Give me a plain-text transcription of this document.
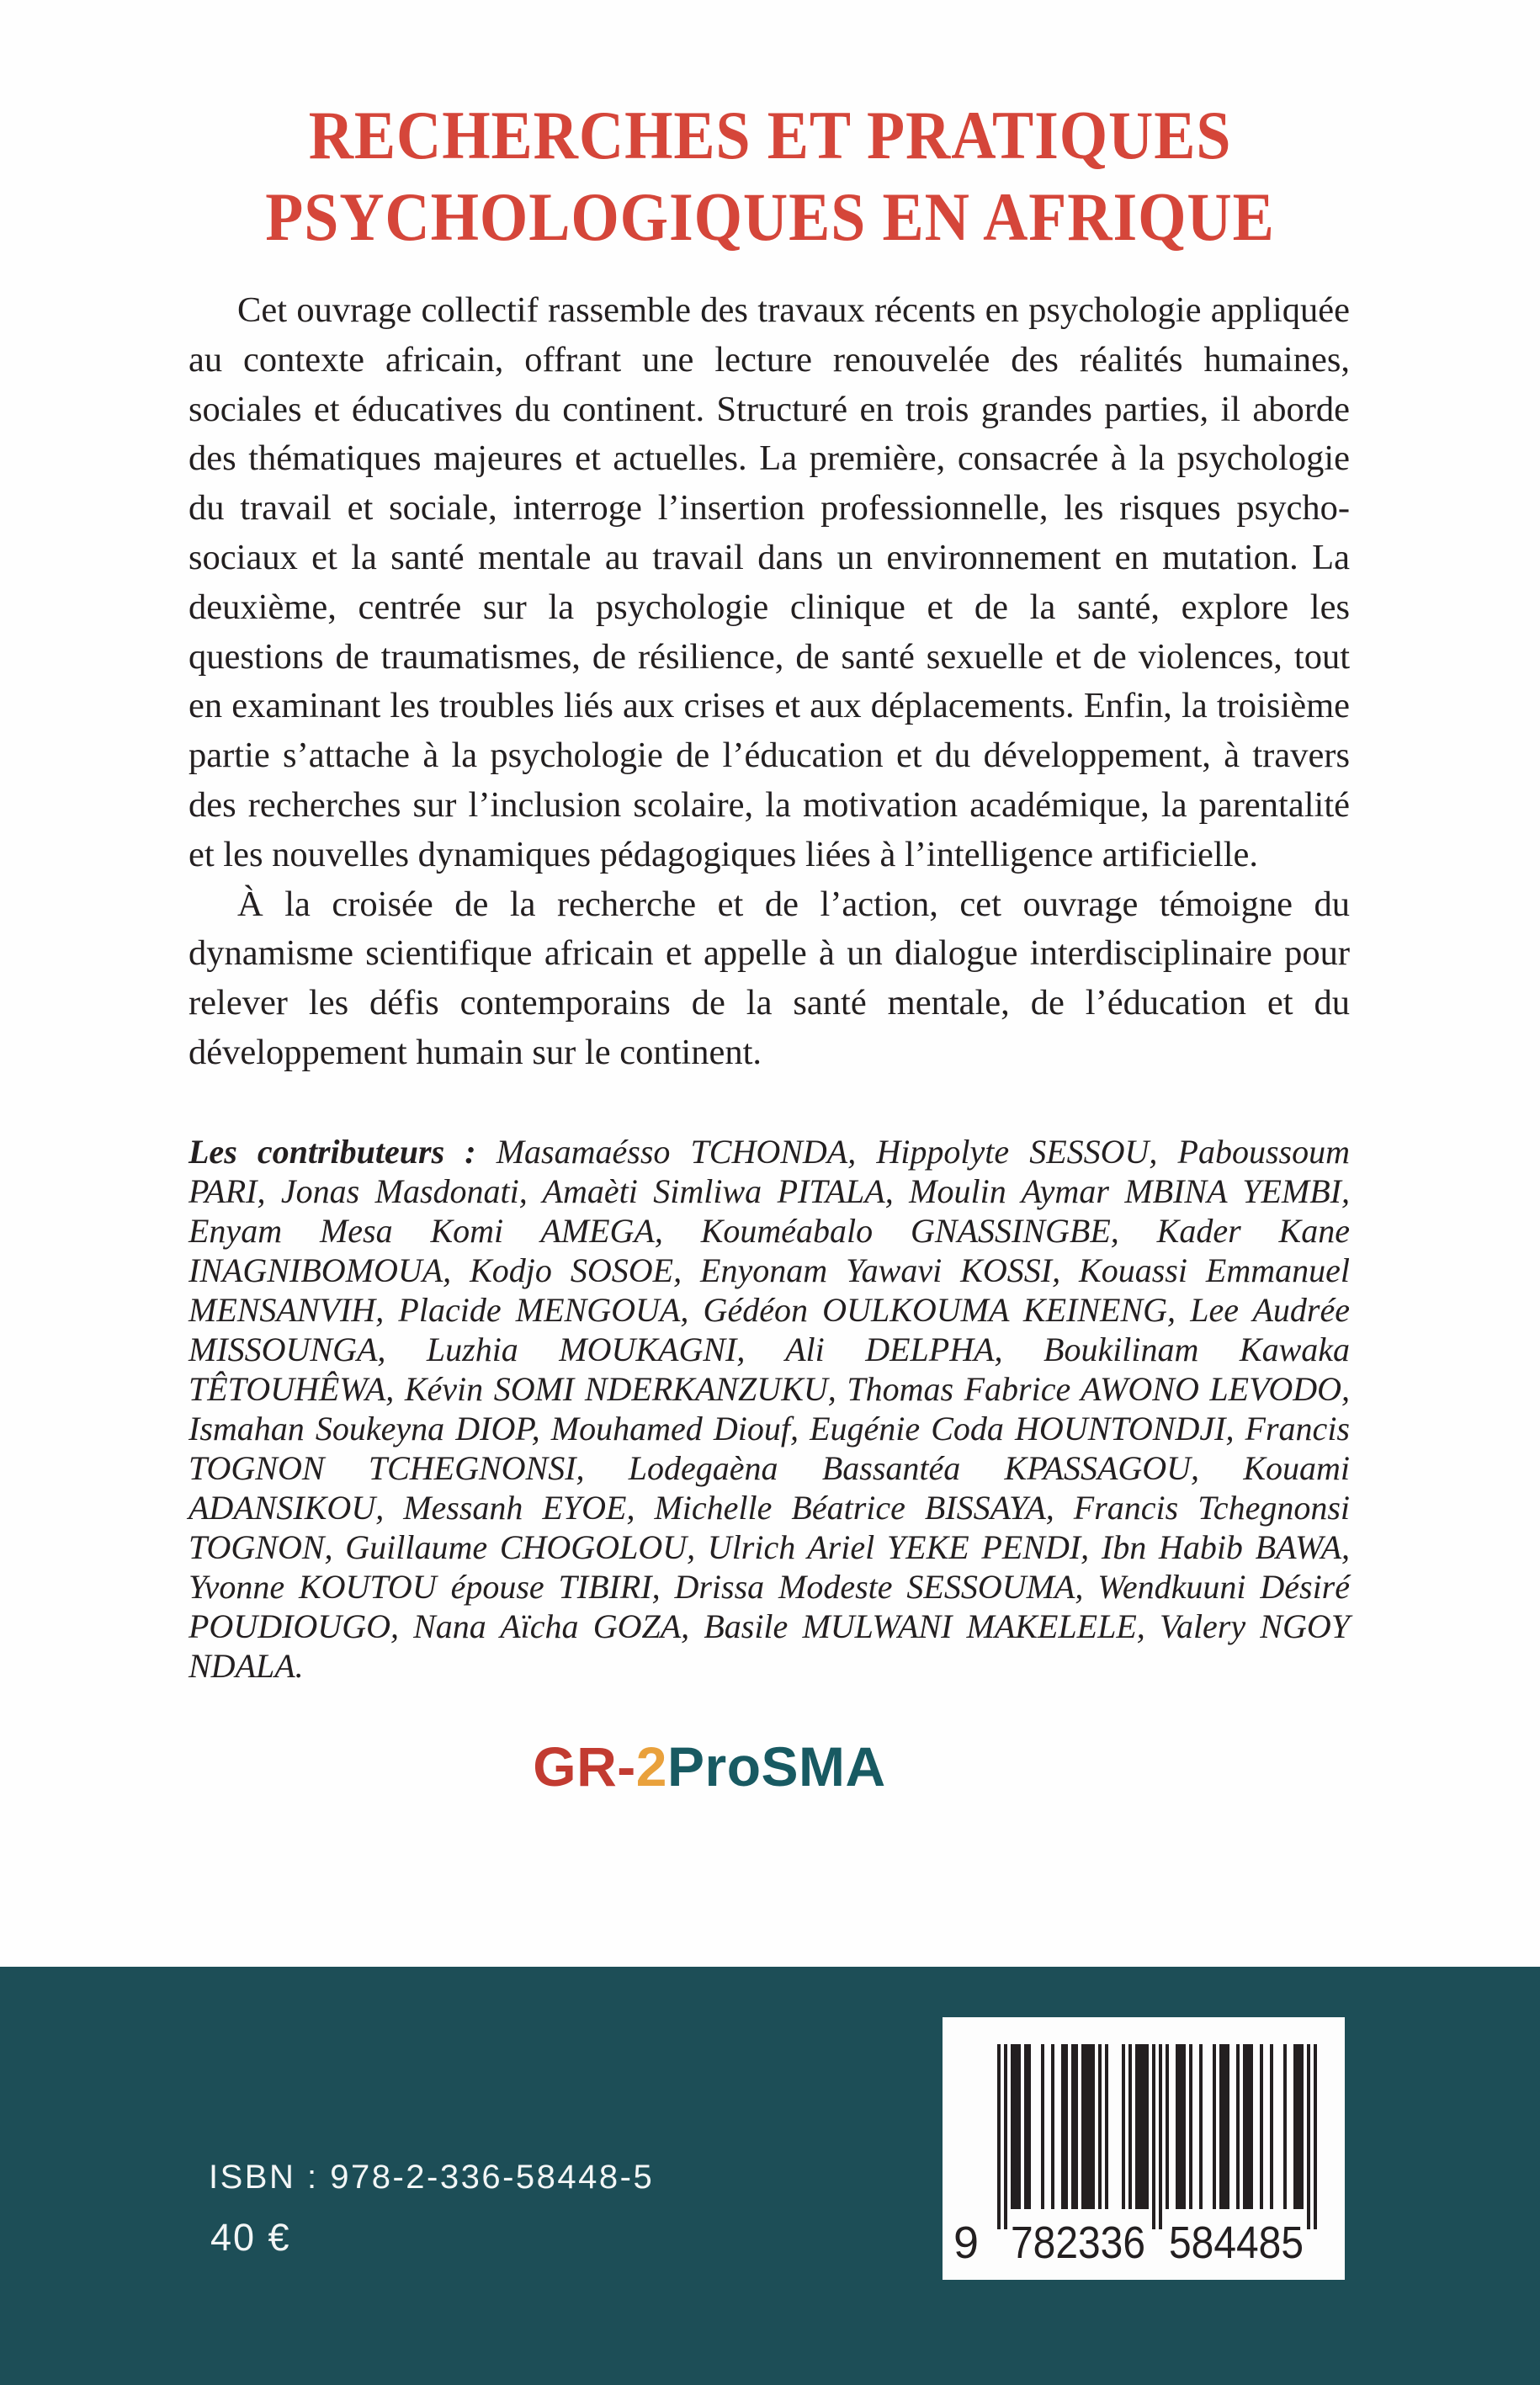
RECHERCHES ET PRATIQUES
PSYCHOLOGIQUES EN AFRIQUE

Cet ouvrage collectif rassemble des travaux récents en psychologie appliquée au contexte africain, offrant une lecture renouvelée des réalités humaines, sociales et éducatives du continent. Structuré en trois grandes parties, il aborde des thématiques majeures et actuelles. La première, consacrée à la psychologie du travail et sociale, interroge l’insertion professionnelle, les risques psycho-sociaux et la santé mentale au travail dans un environnement en mutation. La deuxième, centrée sur la psychologie clinique et de la santé, explore les questions de traumatismes, de résilience, de santé sexuelle et de violences, tout en examinant les troubles liés aux crises et aux déplacements. Enfin, la troisième partie s’attache à la psychologie de l’éducation et du développement, à travers des recherches sur l’inclusion scolaire, la motivation académique, la parentalité et les nouvelles dynamiques pédagogiques liées à l’intelligence artificielle.

À la croisée de la recherche et de l’action, cet ouvrage témoigne du dynamisme scientifique africain et appelle à un dialogue interdisciplinaire pour relever les défis contemporains de la santé mentale, de l’éducation et du développement humain sur le continent.

Les contributeurs : Masamaésso TCHONDA, Hippolyte SESSOU, Paboussoum PARI, Jonas Masdonati, Amaèti Simliwa PITALA, Moulin Aymar MBINA YEMBI, Enyam Mesa Komi AMEGA, Kouméabalo GNASSINGBE, Kader Kane INAGNIBOMOUA, Kodjo SOSOE, Enyonam Yawavi KOSSI, Kouassi Emmanuel MENSANVIH, Placide MENGOUA, Gédéon OULKOUMA KEINENG, Lee Audrée MISSOUNGA, Luzhia MOUKAGNI, Ali DELPHA, Boukilinam Kawaka TÊTOUHÊWA, Kévin SOMI NDERKANZUKU, Thomas Fabrice AWONO LEVODO, Ismahan Soukeyna DIOP, Mouhamed Diouf, Eugénie Coda HOUNTONDJI, Francis TOGNON TCHEGNONSI, Lodegaèna Bassantéa KPASSAGOU, Kouami ADANSIKOU, Messanh EYOE, Michelle Béatrice BISSAYA, Francis Tchegnonsi TOGNON, Guillaume CHOGOLOU, Ulrich Ariel YEKE PENDI, Ibn Habib BAWA, Yvonne KOUTOU épouse TIBIRI, Drissa Modeste SESSOUMA, Wendkuuni Désiré POUDIOUGO, Nana Aïcha GOZA, Basile MULWANI MAKELELE, Valery NGOY NDALA.

GR-2ProSMA
ISBN : 978-2-336-58448-5
40 €	9 782336 584485
